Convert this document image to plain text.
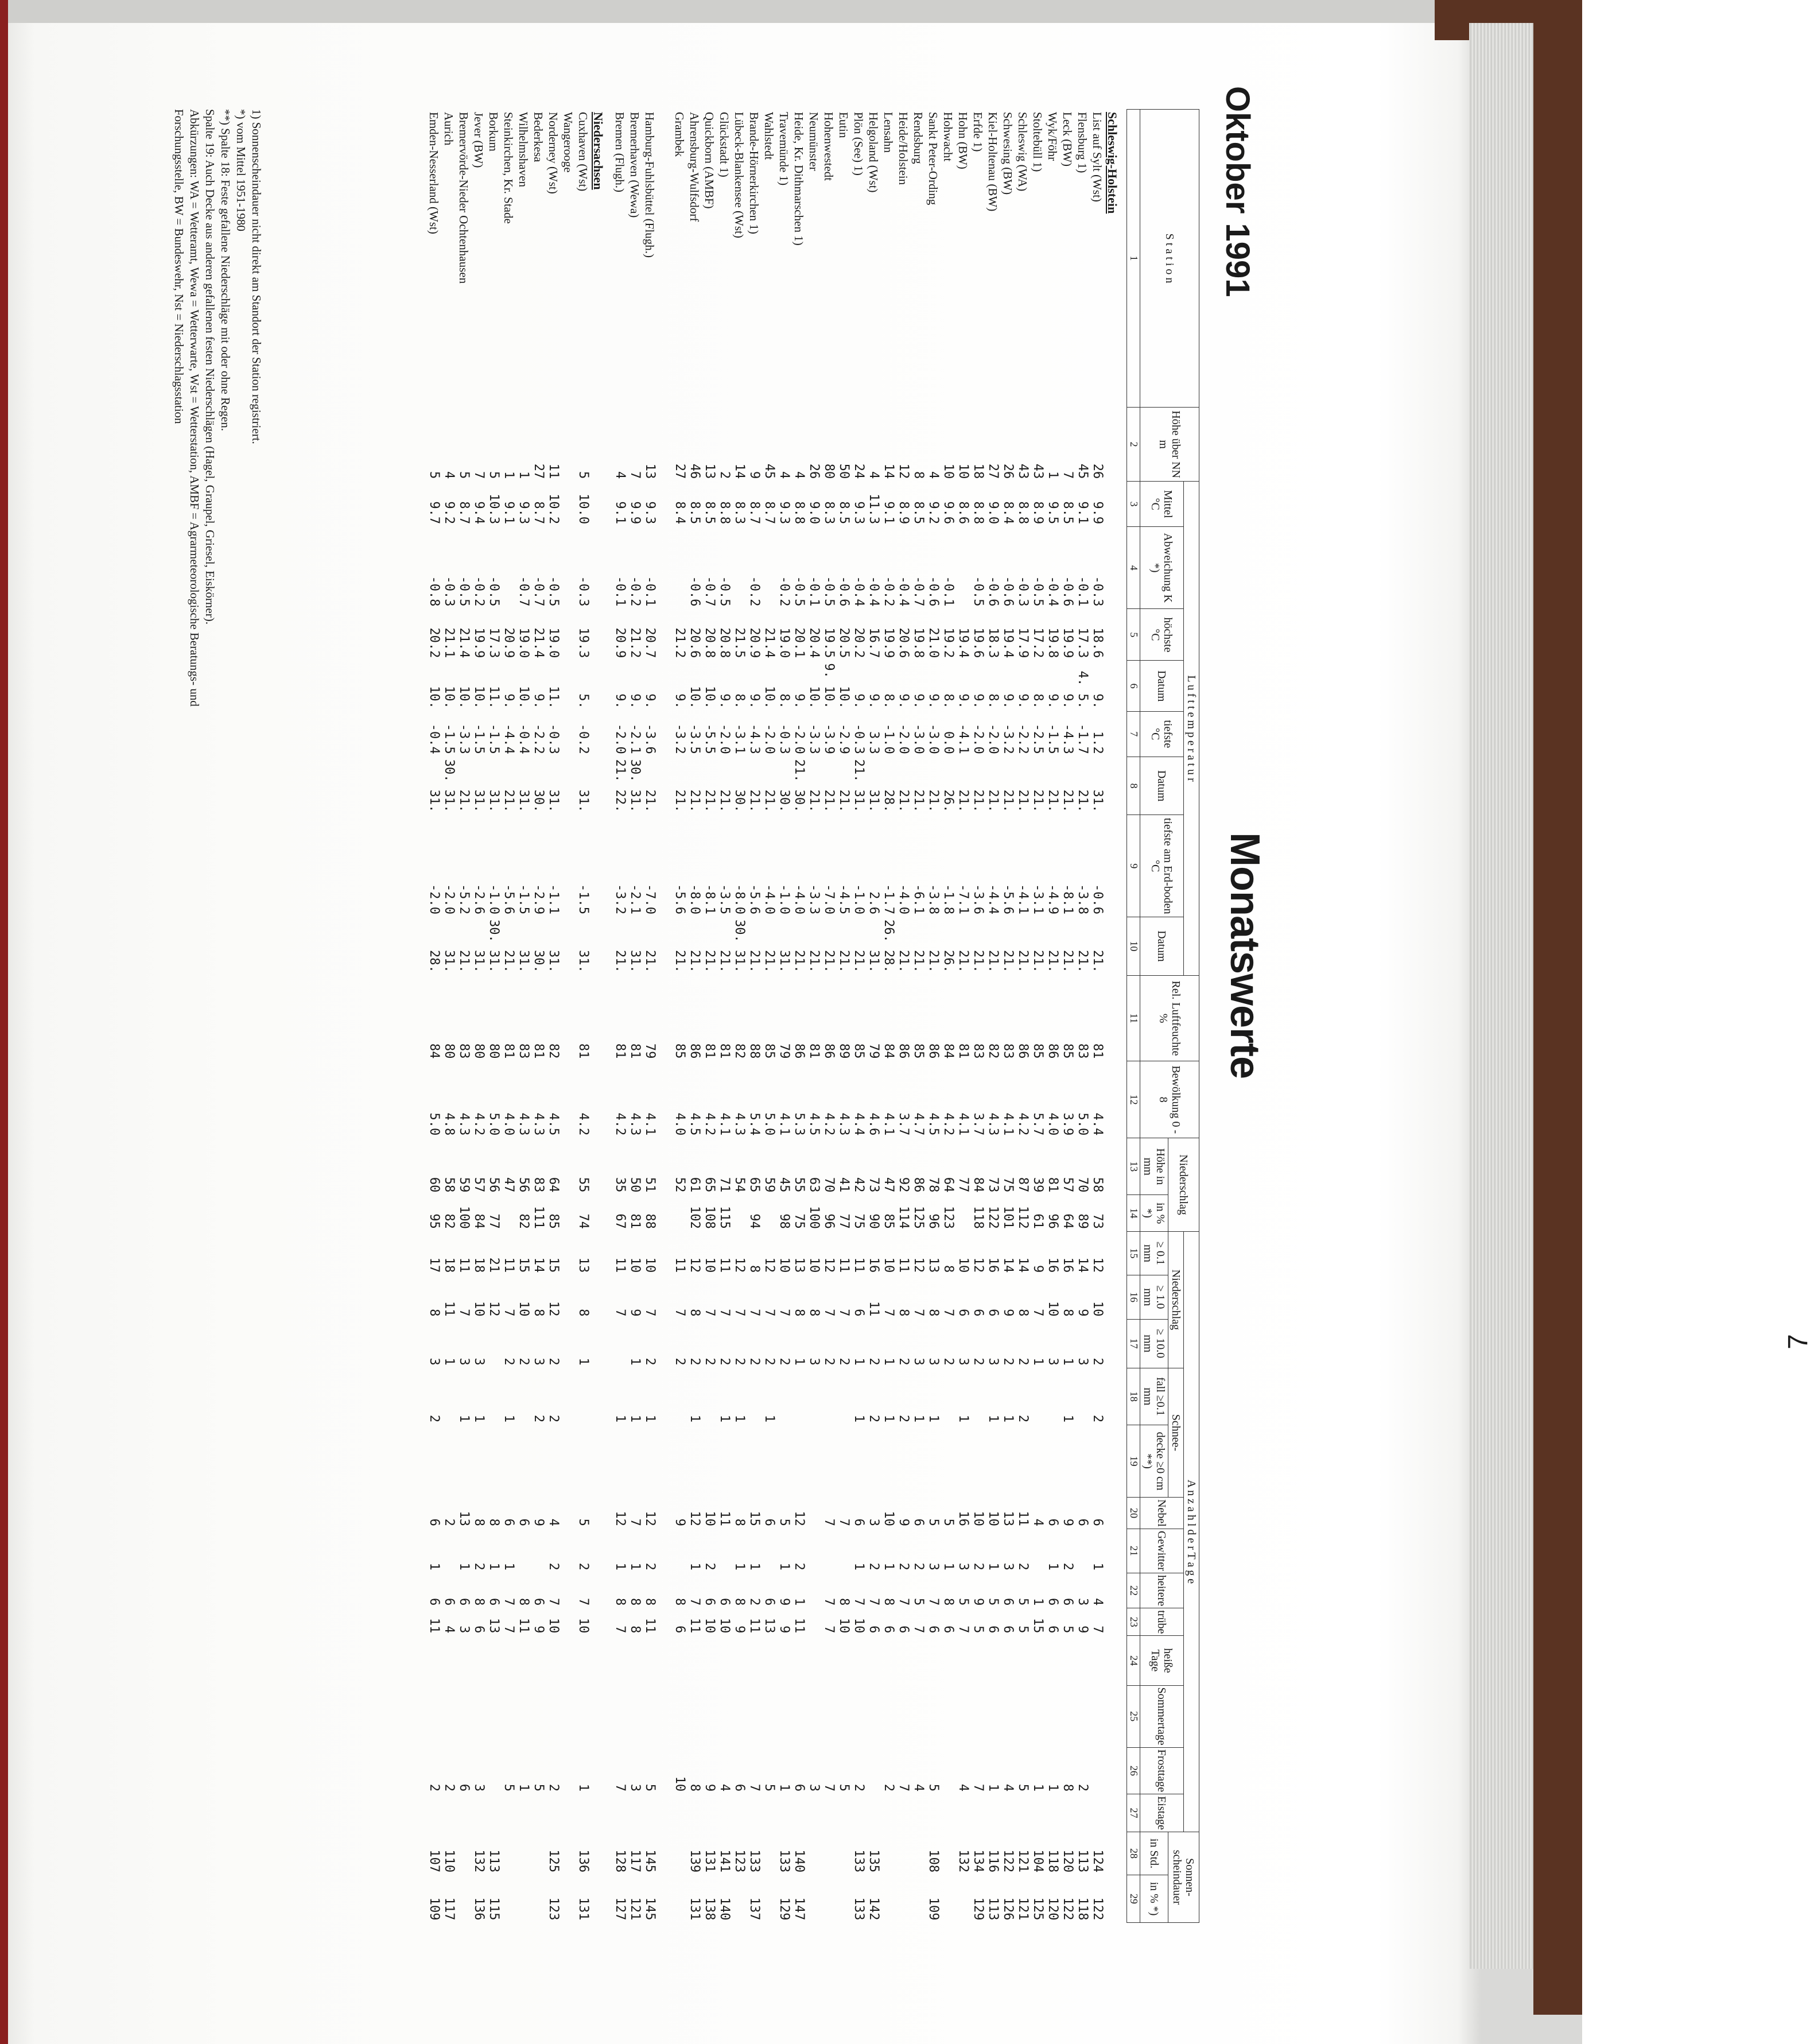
Oktober 1991
Monatswerte
S t a t i o n	Höhe über NN m	L u f t t e m p e r a t u r								Rel. Luftfeuchte %	Bewölkung 0 - 8	Niederschlag		A n z a h l d e r T a g e													Sonnen-scheindauer	
		Mittel °C	Abweichung K *)	höchste °C	Datum	tiefste °C	Datum	tiefste am Erd-boden °C	Datum					Niederschlag			Schnee-		Nebel	Gewitter	heitere	trübe	heiße Tage	Sommertage	Frosttage	Eistage		
												Höhe in mm	in % *)	≥ 0.1 mm	≥ 1.0 mm	≥ 10.0 mm	fall ≥0.1 mm	decke ≥0 cm **)									in Std.	in % *)
1	2	3	4	5	6	7	8	9	10	11	12	13	14	15	16	17	18	19	20	21	22	23	24	25	26	27	28	29
Schleswig-Holstein																												
List auf Sylt (Wst)	26	9.9	-0.3	18.6	9.	1.2	31.	-0.6	21.	81	4.4	58	73	12	10	2	2		6	1	4	7					124	122
Flensburg 1)	45	9.1	-0.1	17.3	4. 5.	-1.7	21.	-3.8	21.	83	5.0	70	89	14	9	3			6		3	9			2		113	118
Leck (BW)	7	8.5	-0.6	19.9	9.	-4.3	21.	-8.1	21.	85	3.9	57	64	16	8	1	1		9	2	6	5			8		120	122
Wyk/Föhr	1	9.5	-0.4	19.8	9.	-1.5	21.	-4.9	21.	86	4.0	81	96	16	10	3			6	1	6	6			1		118	120
Stoltebüll 1)	43	8.9	-0.5	17.2	8.	-2.5	21.	-3.1	21.	85	5.7	39	61	9	7	1			4		1	15			1		104	125
Schleswig (WA)	43	8.8	-0.3	17.9	9.	-2.2	21.	-4.1	21.	86	4.2	87	112	14	8	2	2		11	2	5	5			5		121	121
Schwesing (BW)	26	8.4	-0.6	19.4	9.	-3.2	21.	-5.6	21.	83	4.1	75	101	14	9	2	1		13	3	6	6			4		122	126
Kiel-Holtenau (BW)	27	9.0	-0.6	18.3	8.	-2.0	21.	-4.4	21.	82	4.3	73	122	16	6	3	1		10	1	5	6			1		116	113
Erfde 1)	18	8.8	-0.5	19.6	9.	-2.0	21.	-3.6	21.	83	3.7	84	118	12	6	2			10	2	9	5			7		134	129
Hohn (BW)	10	8.6		19.4	9.	-4.1	21.	-7.1	21.	81	4.1	77		10	6	3	1		16	3	5	7			4		132	
Hohwacht	10	9.6	-0.1	19.2	8.	0.0	26.	-1.8	26.	84	4.2	64	123	8	7	2			5	1	8	6						
Sankt Peter-Ording	4	9.2	-0.6	21.0	9.	-3.0	21.	-3.8	21.	86	4.5	78	96	13	8	3	1		5	3	7	6			5		108	109
Rendsburg	8	8.5	-0.7	19.8	9.	-3.0	21.	-6.1	21.	85	4.7	86	125	12	7	3	1		6	2	5	7			4			
Heide/Holstein	12	8.9	-0.4	20.6	9.	-2.0	21.	-4.0	21.	86	3.7	92	114	11	8	2	2		9	2	7	6			7			
Lensahn	14	9.1	-0.2	19.9	8.	-1.0	28.	-1.7	26. 28.	84	4.1	47	85	10	7	1	1		10	1	8	6			2			
Helgoland (Wst)	4	11.3	-0.4	16.7	9.	3.3	31.	2.6	31.	79	4.6	73	90	16	11	2	2		3	2	7	6					135	142
Plön (See) 1)	24	9.3	-0.4	20.2	9.	-0.3	21. 31.	-1.0	21.	85	4.4	42	75	11	6	1	1		6	1	7	10			2		133	133
Eutin	50	8.5	-0.6	20.5	10.	-2.9	21.	-4.5	21.	89	4.3	41	77	11	7	2			7		8	10			5			
Hohenwestedt	80	8.3	-0.5	19.5	9. 10.	-3.9	21.	-7.0	21.	86	4.2	70	96	12	7	2			7		7	7			7			
Neumünster	26	9.0	-0.1	20.4	10.	-3.3	21.	-3.3	21.	81	4.5	63	100	10	8	3									3			
Heide, Kr. Dithmarschen 1)	4	8.8	-0.5	20.1	9.	-2.0	21. 30.	-4.0	21.	86	5.3	55	75	13	8	1			12	2	1	11			6		140	147
Travemünde 1)	4	9.3	-0.2	19.0	8.	-0.3	30.	-1.0	31.	79	4.1	45	98	10	7	2			5	1	9	9			1		133	129
Wahlstedt	45	8.7		21.4	10.	-2.0	21.	-4.0	21.	85	5.0	59		12	7	2	1		6		6	13			5			
Brande-Hörnerkirchen 1)	9	8.7	-0.2	20.9	9.	-4.3	21.	-5.6	21.	88	5.4	65	94	8	7	2			15	1	2	11			7		133	137
Lübeck-Blankensee (Wst)	14	8.3		21.5	8.	-3.1	30.	-8.0	30. 31.	82	4.3	54		12	7	2	1		8	1	8	9			6		123	
Glückstadt 1)	2	8.8	-0.5	20.8	9.	-2.0	21.	-3.5	21.	81	4.1	71	115	11	7	2	1		11		6	10			4		141	140
Quickborn (AMBF)	13	8.5	-0.7	20.8	10.	-5.5	21.	-8.1	21.	81	4.2	65	108	10	7	2			10	2	6	10			9		131	138
Ahrensburg-Wulfsdorf	46	8.5	-0.6	20.6	10.	-3.5	21.	-8.0	21.	86	4.5	61	102	12	8	2	1		12	1	7	11			8		139	131
Grambek	27	8.4		21.2	9.	-3.2	21.	-5.6	21.	85	4.0	52		11	7	2			9		8	6			10			

Hamburg-Fuhlsbüttel (Flugh.)	13	9.3	-0.1	20.7	9.	-3.6	21.	-7.0	21.	79	4.1	51	88	10	7	2	1		12	2	8	11			5		145	145
Bremerhaven (Wewa)	7	9.9	-0.2	21.2	9.	-2.1	30. 31.	-2.1	31.	81	4.3	50	81	10	9	1	1		7	1	8	8			3		117	121
Bremen (Flugh.)	4	9.1	-0.1	20.9	9.	-2.0	21. 22.	-3.2	21.	81	4.2	35	67	11	7		1		12	1	8	7			7		128	127
Niedersachsen																												
Cuxhaven (Wst)	5	10.0	-0.3	19.3	5.	-0.2	31.	-1.5	31.	81	4.2	55	74	13	8	1			5	2	7	10			1		136	131
Wangerooge																												
Norderney (Wst)	11	10.2	-0.5	19.0	11.	-0.3	31.	-1.1	31.	82	4.5	64	85	15	12	2	2		4	2	7	10			2		125	123
Bederkesa	27	8.7	-0.7	21.4	9.	-2.2	30.	-2.9	30.	81	4.3	83	111	14	8	3	2		9		6	9			5			
Wilhelmshaven	1	9.3	-0.7	19.0	10.	-0.4	31.	-1.5	31.	83	4.3	56	82	15	10	2			6		8	11			1			
Steinkirchen, Kr. Stade	1	9.1		20.9	9.	-4.4	21.	-5.6	21.	81	4.0	47		11	7	2	1		6	1	7	7			5			
Borkum	5	10.3	-0.5	17.3	11.	-1.5	31.	-1.0	30. 31.	80	5.0	56	77	21	12				8	1	6	13					113	115
Jever (BW)	7	9.4	-0.2	19.9	10.	-1.5	31.	-2.6	31.	80	4.2	57	84	18	10	3	1		8	2	8	6			3		132	136
Bremervörde-Nieder Ochtenhausen	5	8.7	-0.5	21.4	10.	-3.3	21.	-5.2	21.	83	4.3	59	100	11	7	3	1		13	1	6	3			6			
Aurich	4	9.2	-0.3	21.1	10.	-1.5	30. 31.	-2.0	31.	80	4.8	58	82	18	11	1			2		6	4			2		110	117
Emden-Nesserland (Wst)	5	9.7	-0.8	20.2	10.	-0.4	31.	-2.0	28.	84	5.0	60	95	17	8	3	2		6	1	6	11			2		107	109

1) Sonnenscheindauer nicht direkt am Standort der Station registriert.

*) vom Mittel 1951-1980

**) Spalte 18: Feste gefallene Niederschläge mit oder ohne Regen.

Spalte 19: Auch Decke aus anderen gefallenen festen Niederschlägen (Hagel, Graupel, Griesel, Eiskörner).

Abkürzungen: WA = Wetteramt, Wewa = Wetterwarte, Wst = Wetterstation, AMBF = Agrarmeteorologische Beratungs- und

Forschungsstelle, BW = Bundeswehr, Nst = Niederschlagsstation

7
